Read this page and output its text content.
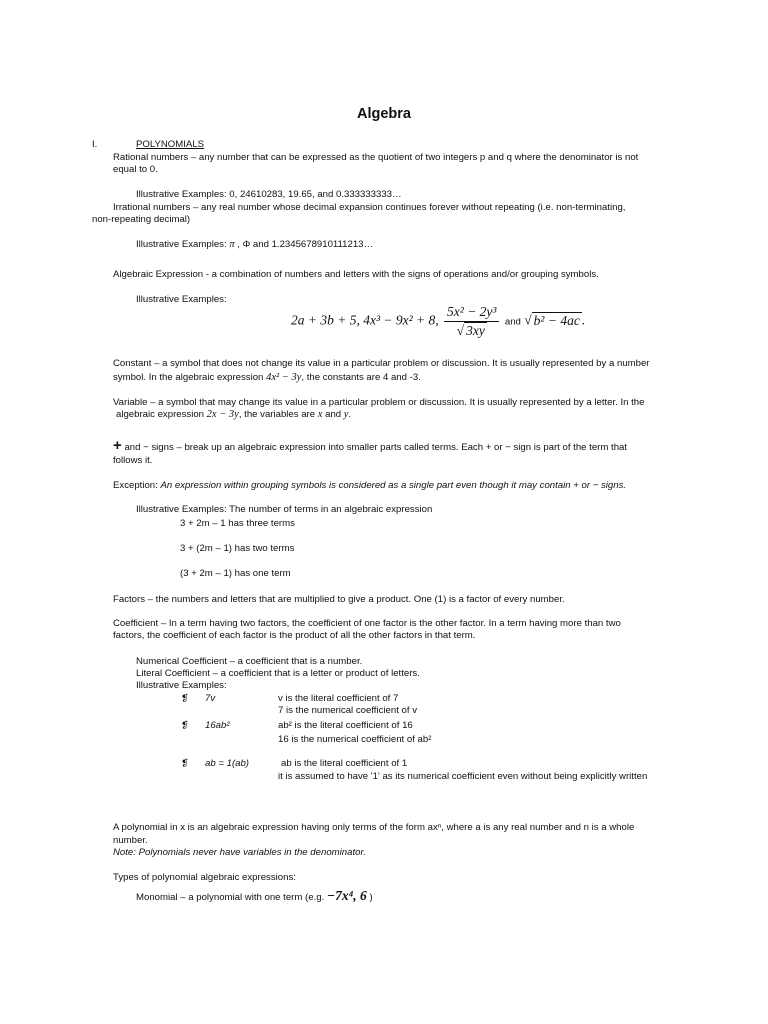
Algebra
I.	POLYNOMIALS
Rational numbers – any number that can be expressed as the quotient of two integers p and q where the denominator is not
equal to 0.
Illustrative Examples: 0, 24610283, 19.65, and 0.333333333…
Irrational numbers – any real number whose decimal expansion continues forever without repeating (i.e. non-terminating,
non-repeating decimal)
Illustrative Examples: π , Φ and 1.2345678910111213…
Algebraic Expression - a combination of numbers and letters with the signs of operations and/or grouping symbols.
Illustrative Examples:
2a + 3b + 5, 4x³ − 9x² + 8, $\frac{\text{5x² − 2y³}}{√ 3xy}$ and √ b² − 4ac .
Constant – a symbol that does not change its value in a particular problem or discussion. It is usually represented by a number
symbol. In the algebraic expression 4x² − 3y, the constants are 4 and -3.
Variable – a symbol that may change its value in a particular problem or discussion. It is usually represented by a letter. In the
algebraic expression 2x − 3y, the variables are x and y.
+ and − signs – break up an algebraic expression into smaller parts called terms. Each + or − sign is part of the term that
follows it.
Exception: An expression within grouping symbols is considered as a single part even though it may contain + or − signs.
Illustrative Examples: The number of terms in an algebraic expression
3 + 2m – 1 has three terms
3 + (2m – 1) has two terms
(3 + 2m – 1) has one term
Factors – the numbers and letters that are multiplied to give a product. One (1) is a factor of every number.
Coefficient – In a term having two factors, the coefficient of one factor is the other factor. In a term having more than two
factors, the coefficient of each factor is the product of all the other factors in that term.
Numerical Coefficient – a coefficient that is a number.
Literal Coefficient – a coefficient that is a letter or product of letters.
Illustrative Examples:
❡ 7v	v is the literal coefficient of 7
7 is the numerical coefficient of v
❡ 16ab²	ab² is the literal coefficient of 16
16 is the numerical coefficient of ab²
❡ ab = 1(ab)	ab is the literal coefficient of 1
it is assumed to have '1' as its numerical coefficient even without being explicitly written
A polynomial in x is an algebraic expression having only terms of the form axⁿ, where a is any real number and n is a whole
number.
Note: Polynomials never have variables in the denominator.
Types of polynomial algebraic expressions:
Monomial – a polynomial with one term (e.g. −7x⁴, 6 )
